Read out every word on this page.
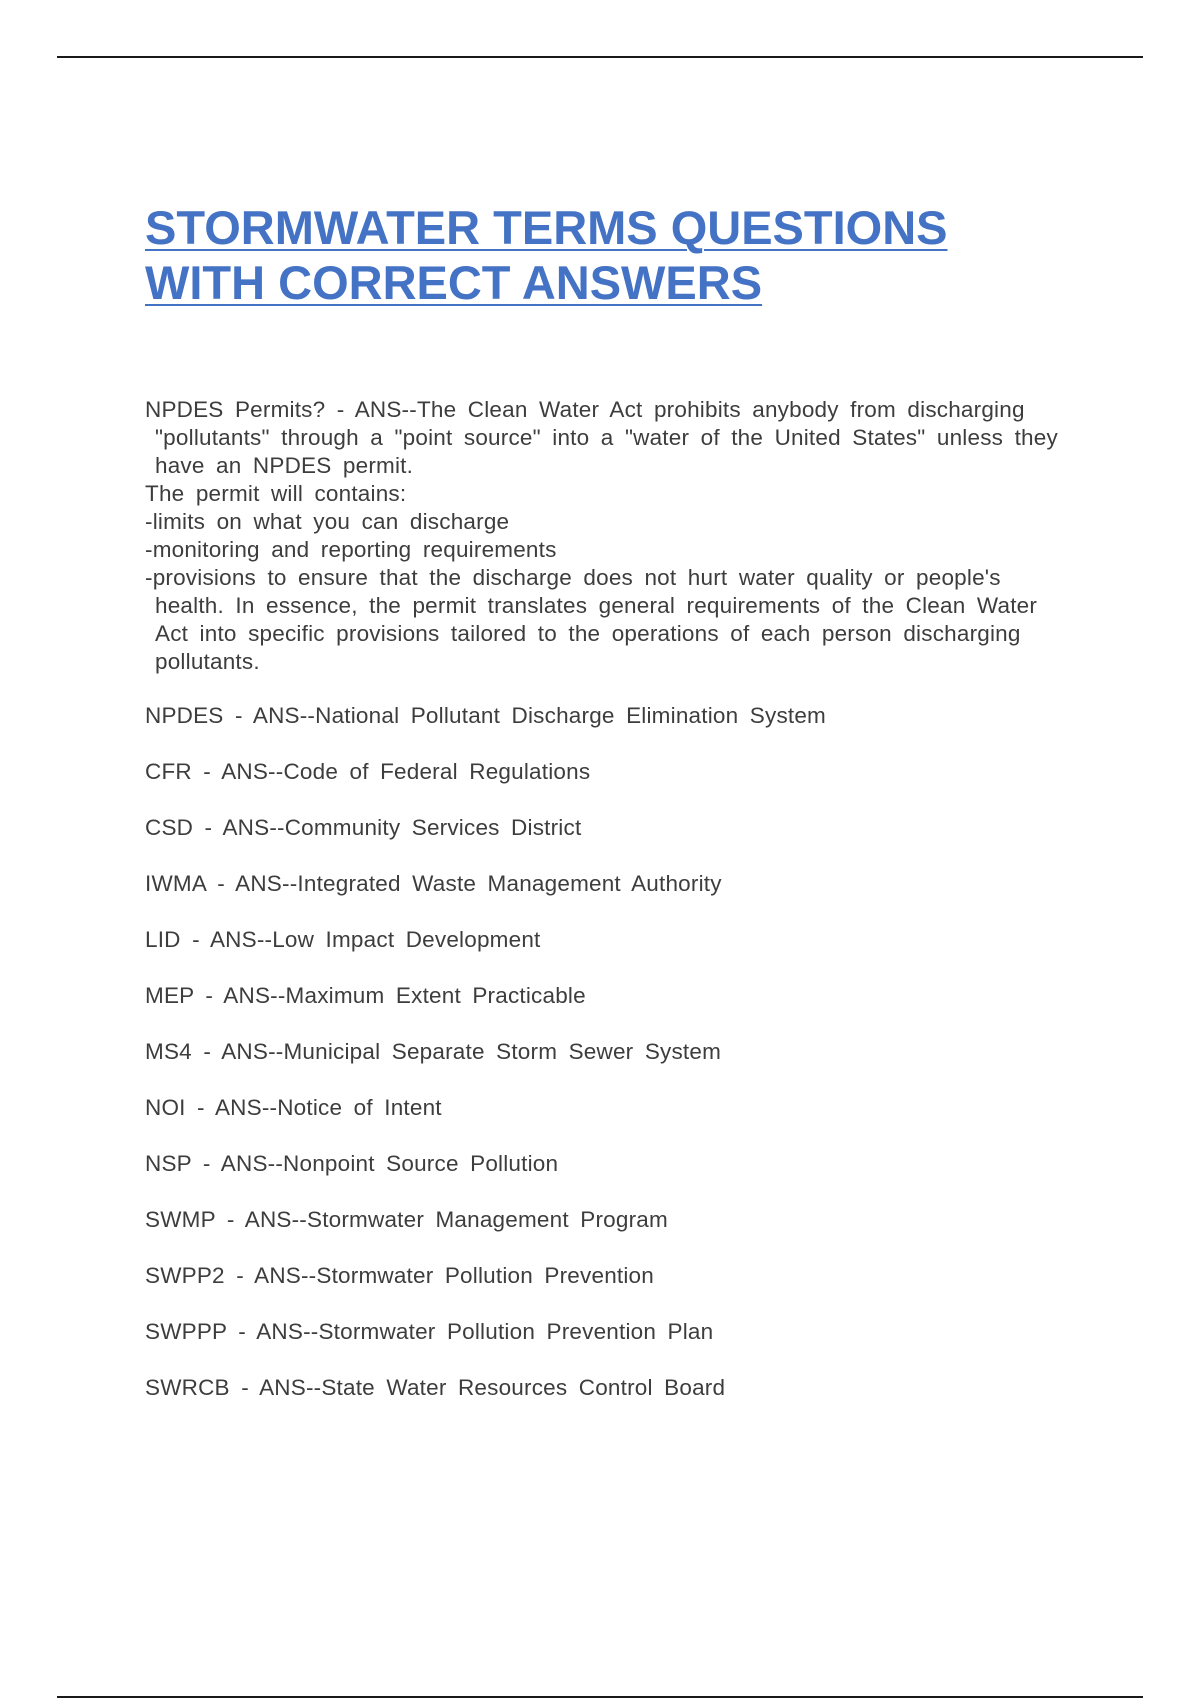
STORMWATER TERMS QUESTIONS
WITH CORRECT ANSWERS

NPDES Permits? - ANS--The Clean Water Act prohibits anybody from discharging "pollutants" through a "point source" into a "water of the United States" unless they have an NPDES permit.

The permit will contains:

-limits on what you can discharge

-monitoring and reporting requirements

-provisions to ensure that the discharge does not hurt water quality or people's health. In essence, the permit translates general requirements of the Clean Water Act into specific provisions tailored to the operations of each person discharging pollutants.

NPDES - ANS--National Pollutant Discharge Elimination System

CFR - ANS--Code of Federal Regulations

CSD - ANS--Community Services District

IWMA - ANS--Integrated Waste Management Authority

LID - ANS--Low Impact Development

MEP - ANS--Maximum Extent Practicable

MS4 - ANS--Municipal Separate Storm Sewer System

NOI - ANS--Notice of Intent

NSP - ANS--Nonpoint Source Pollution

SWMP - ANS--Stormwater Management Program

SWPP2 - ANS--Stormwater Pollution Prevention

SWPPP - ANS--Stormwater Pollution Prevention Plan

SWRCB - ANS--State Water Resources Control Board
